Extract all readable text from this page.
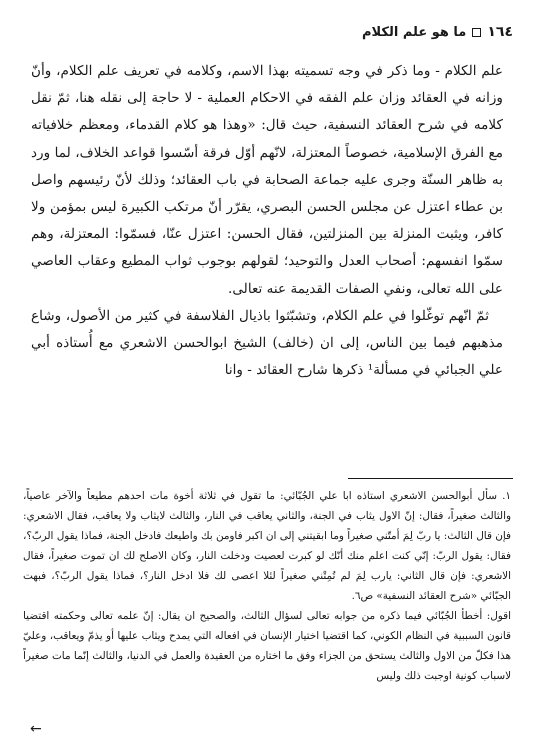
١٦٤
ما هو علم الكلام

علم الكلام - وما ذكر في وجه تسميته بهذا الاسم، وكلامه في تعريف علم الكلام، وأنّ وزانه في العقائد وزان علم الفقه في الاحكام العملية - لا حاجة إلى نقله هنا، ثمّ نقل كلامه في شرح العقائد النسفية، حيث قال: «وهذا هو كلام القدماء، ومعظم خلافياته مع الفرق الإسلامية، خصوصاً المعتزلة، لانّهم أوّل فرقة أسّسوا قواعد الخلاف، لما ورد به ظاهر السنّة وجرى عليه جماعة الصحابة في باب العقائد؛ وذلك لأنّ رئيسهم واصل بن عطاء اعتزل عن مجلس الحسن البصري، يقرّر أنّ مرتكب الكبيرة ليس بمؤمن ولا كافر، ويثبت المنزلة بين المنزلتين، فقال الحسن: اعتزل عنّا، فسمّوا: المعتزلة، وهم سمّوا انفسهم: أصحاب العدل والتوحيد؛ لقولهم بوجوب ثواب المطيع وعقاب العاصي على الله تعالى، ونفي الصفات القديمة عنه تعالى.

ثمّ انّهم توغّلوا في علم الكلام، وتشبّثوا باذيال الفلاسفة في كثير من الأصول، وشاع مذهبهم فيما بين الناس، إلى ان (خالف) الشيخ ابوالحسن الاشعري مع أُستاذه أبي علي الجبائي في مسألة¹ ذكرها شارح العقائد - وانا

١. سأل أبوالحسن الاشعري استاذه ابا علي الجُبّائي: ما تقول في ثلاثة أخوة مات احدهم مطيعاً والآخر عاصياً، والثالث صغيراً، فقال: إنّ الاول يثاب في الجنة، والثاني يعاقب في النار، والثالث لايثاب ولا يعاقب، فقال الاشعري: فإن قال الثالث: يا ربّ لِمَ أمتّني صغيراً وما ابقيتني إلى ان اكبر فاومن بك واطيعك فادخل الجنة، فماذا يقول الربّ؟، فقال: يقول الربّ: إنّي كنت اعلم منك أنّك لو كبرت لعصيت ودخلت النار، وكان الاصلح لك ان تموت صغيراً، فقال الاشعري: فإن قال الثاني: يارب لِمَ لم تُمِتْني صغيراً لئلا اعصى لك فلا ادخل النار؟، فماذا يقول الربّ؟، فبهت الجبّائي «شرح العقائد النسفية» ص٦.

اقول: أخطأ الجُبّائي فيما ذكره من جوابه تعالى لسؤال الثالث، والصحيح ان يقال: إنّ علمه تعالى وحكمته اقتضيا قانون السببية في النظام الكوني، كما اقتضيا اختيار الإنسان في افعاله التي يمدح ويثاب عليها أو يذمّ ويعاقب، وعليّ هذا فكلّ من الاول والثالث يستحق من الجزاء وفق ما اختاره من العقيدة والعمل في الدنيا، والثالث إنّما مات صغيراً لاسباب كونية اوجبت ذلك وليس

←
